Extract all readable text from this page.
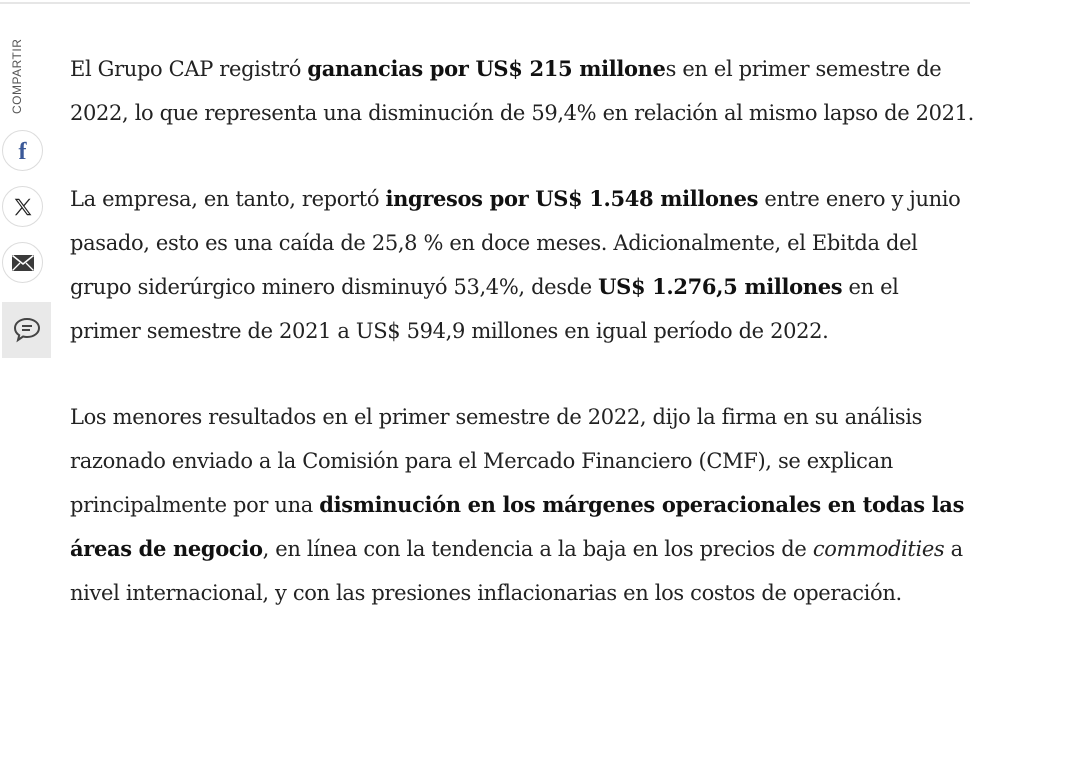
COMPARTIR
f

El Grupo CAP registró ganancias por US$ 215 millones en el primer semestre de 2022, lo que representa una disminución de 59,4% en relación al mismo lapso de 2021.

La empresa, en tanto, reportó ingresos por US$ 1.548 millones entre enero y junio pasado, esto es una caída de 25,8 % en doce meses. Adicionalmente, el Ebitda del grupo siderúrgico minero disminuyó 53,4%, desde US$ 1.276,5 millones en el primer semestre de 2021 a US$ 594,9 millones en igual período de 2022.

Los menores resultados en el primer semestre de 2022, dijo la firma en su análisis razonado enviado a la Comisión para el Mercado Financiero (CMF), se explican principalmente por una disminución en los márgenes operacionales en todas las áreas de negocio, en línea con la tendencia a la baja en los precios de commodities a nivel internacional, y con las presiones inflacionarias en los costos de operación.
